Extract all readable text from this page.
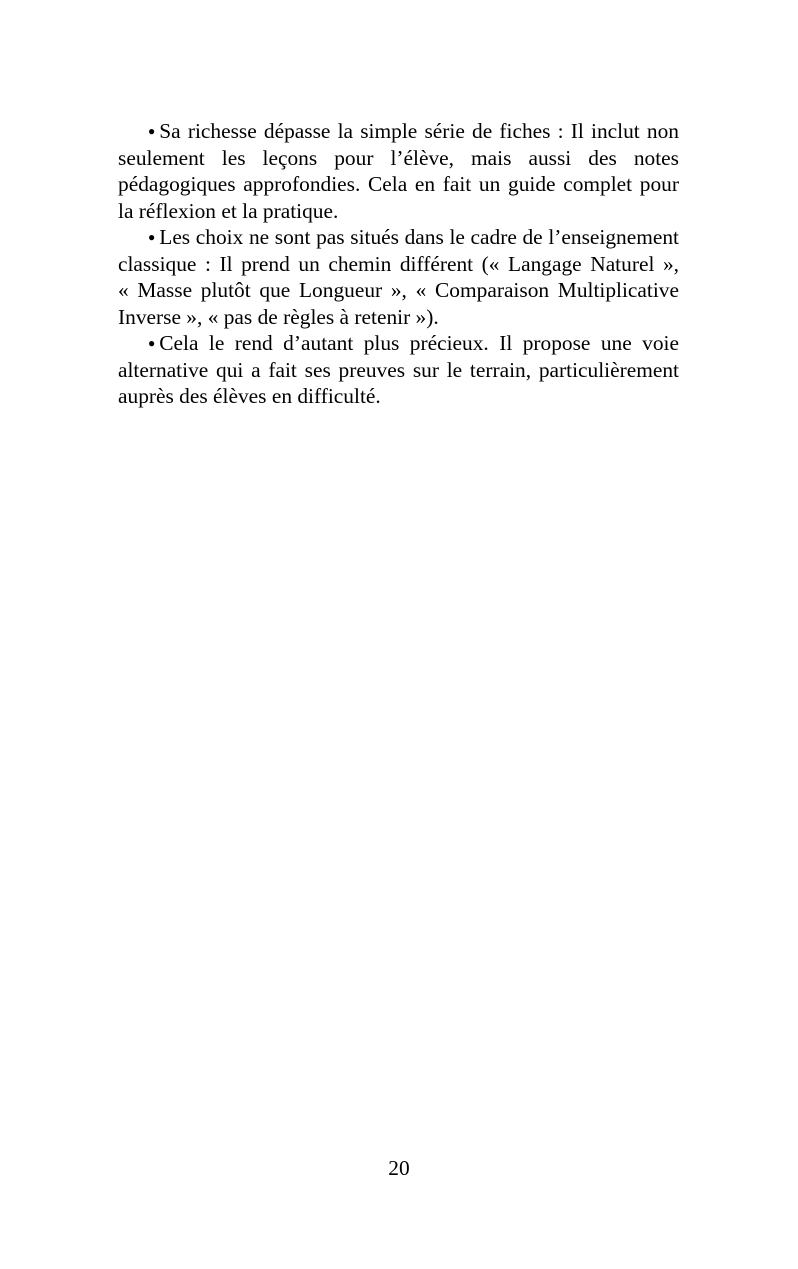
● Sa richesse dépasse la simple série de fiches : Il inclut non seulement les leçons pour l’élève, mais aussi des notes pédagogiques approfondies. Cela en fait un guide complet pour la réflexion et la pratique.

● Les choix ne sont pas situés dans le cadre de l’enseignement classique : Il prend un chemin différent (« Langage Naturel », « Masse plutôt que Longueur », « Comparaison Multiplicative Inverse », « pas de règles à retenir »).

● Cela le rend d’autant plus précieux. Il propose une voie alternative qui a fait ses preuves sur le terrain, particulièrement auprès des élèves en difficulté.

20
